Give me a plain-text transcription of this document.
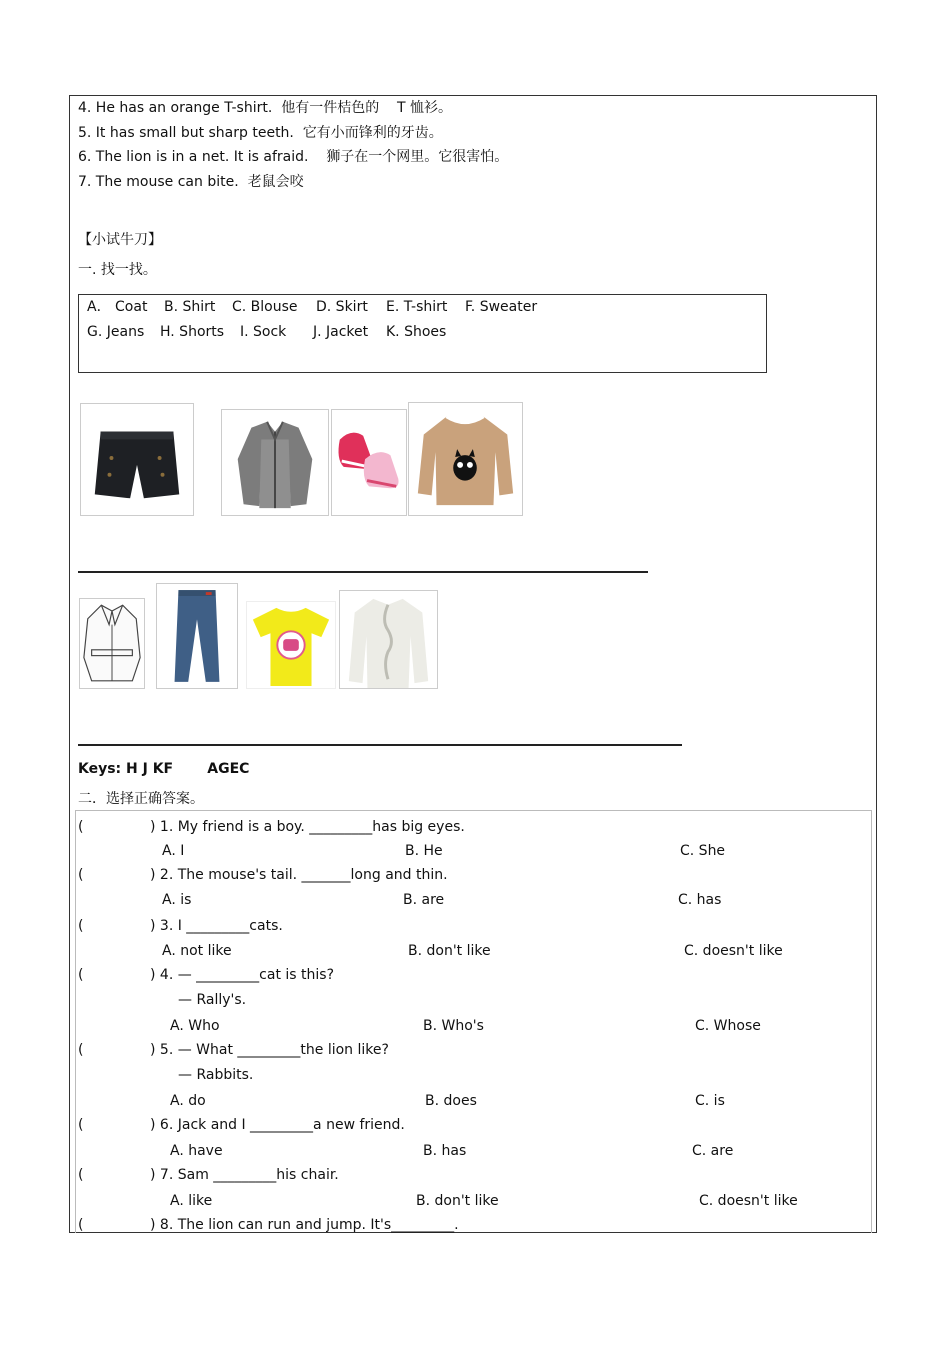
4. He has an orange T-shirt. 他有一件桔色的 T 恤衫。
5. It has small but sharp teeth. 它有小而锋利的牙齿。
6. The lion is in a net. It is afraid. 狮子在一个网里。它很害怕。
7. The mouse can bite. 老鼠会咬
【小试牛刀】
一. 找一找。
A． Coat B. Shirt C. Blouse D. Skirt E. T-shirt F. Sweater
G. Jeans H. Shorts I. Sock J. Jacket K. Shoes
Keys: H J KF AGEC
二．选择正确答案。
(	) 1. My friend is a boy. _________has big eyes.
A. I	B. He	C. She
(	) 2. The mouse's tail. _______long and thin.
A. is	B. are	C. has
(	) 3. I _________cats.
A. not like	B. don't like	C. doesn't like
(	) 4. — _________cat is this?
— Rally's.
A. Who	B. Who's	C. Whose
(	) 5. — What _________the lion like?
— Rabbits.
A. do	B. does	C. is
(	) 6. Jack and I _________a new friend.
A. have	B. has	C. are
(	) 7. Sam _________his chair.
A. like	B. don't like	C. doesn't like
(	) 8. The lion can run and jump. It's_________.
